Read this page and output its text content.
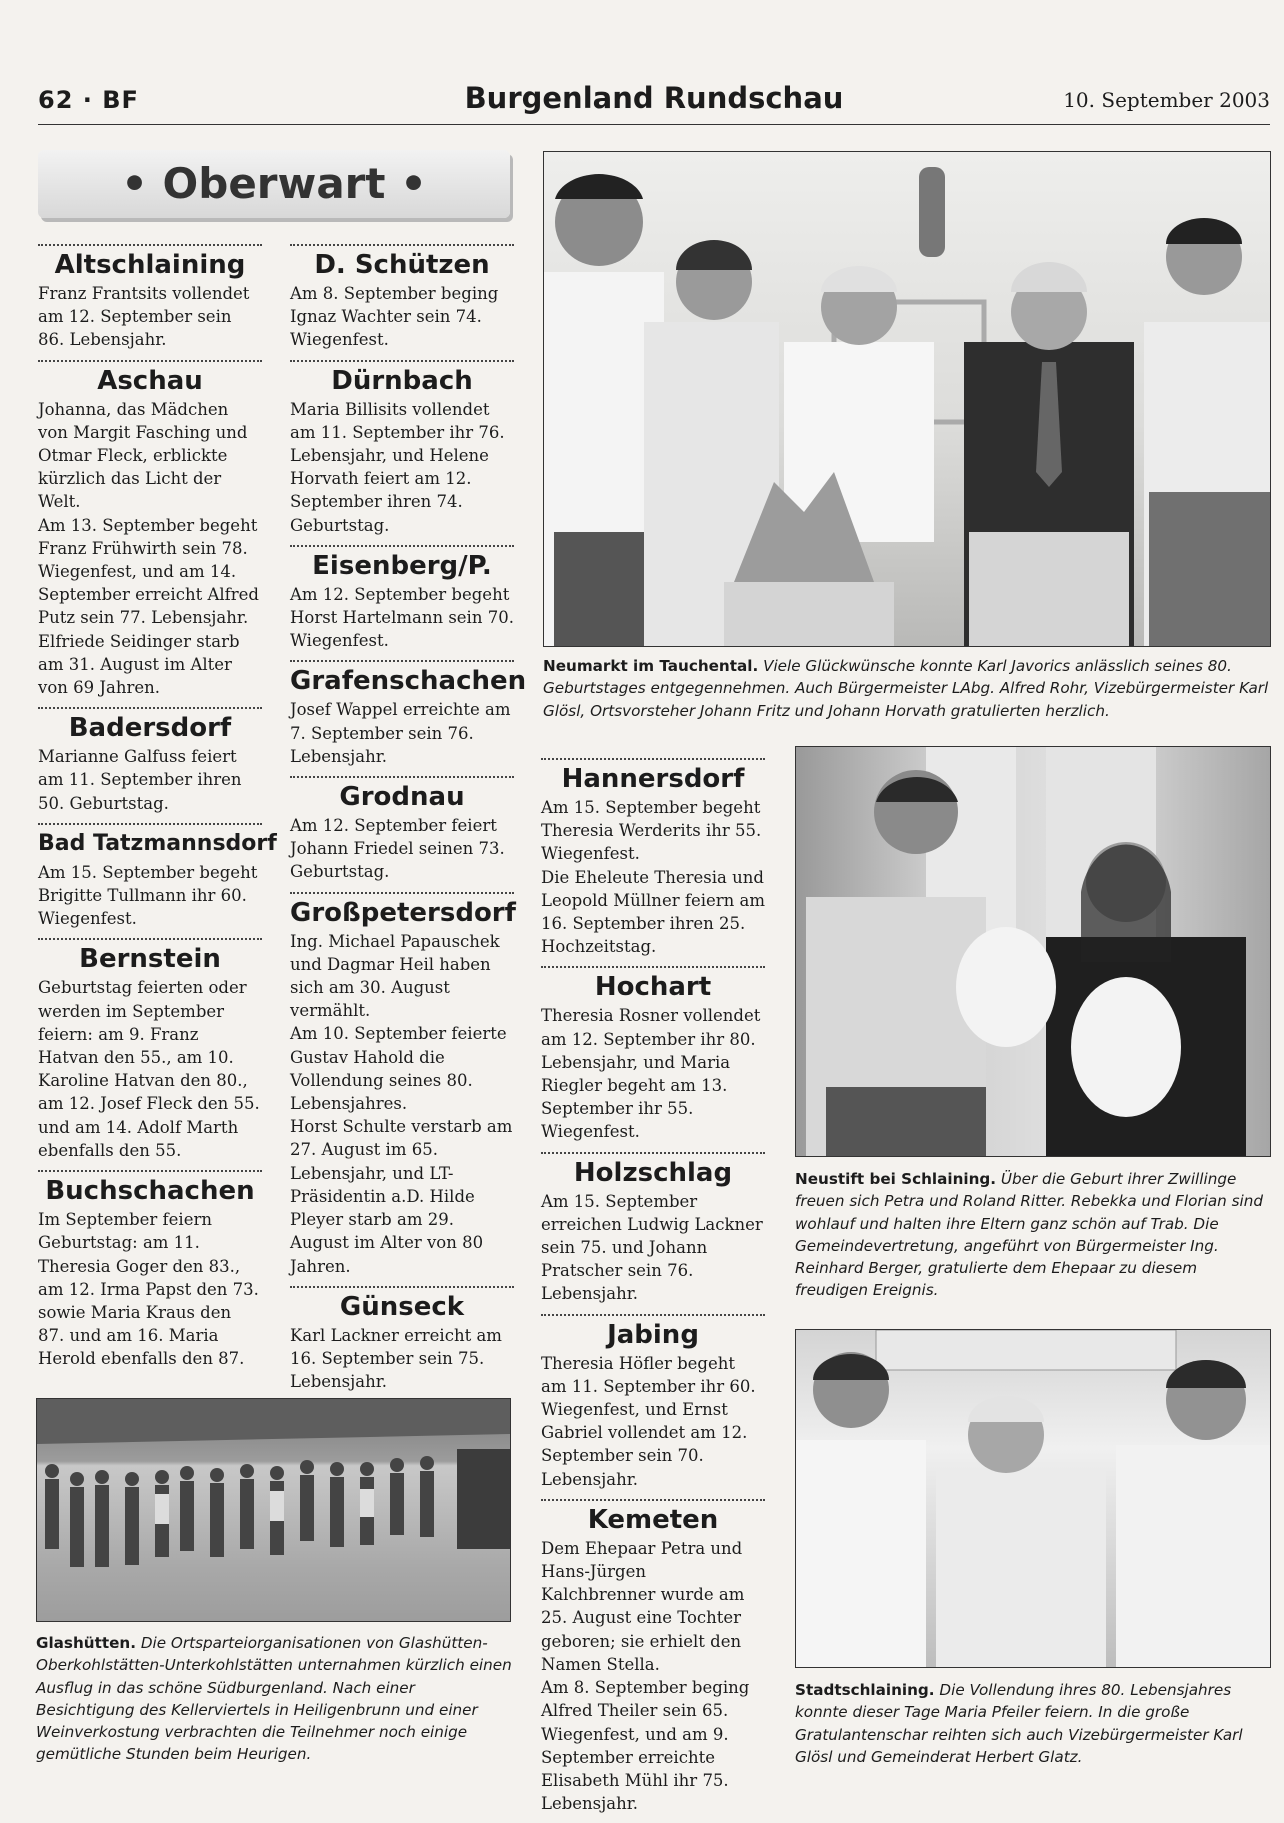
62 · BF	Burgenland Rundschau	10. September 2003
• Oberwart •
Altschlaining

Franz Frantsits vollendet am 12. September sein 86. Lebensjahr.

Aschau

Johanna, das Mädchen von Margit Fasching und Otmar Fleck, erblickte kürzlich das Licht der Welt.

Am 13. September begeht Franz Frühwirth sein 78. Wiegenfest, und am 14. September erreicht Alfred Putz sein 77. Lebensjahr. Elfriede Seidinger starb am 31. August im Alter von 69 Jahren.

Badersdorf

Marianne Galfuss feiert am 11. September ihren 50. Geburtstag.

Bad Tatzmannsdorf

Am 15. September begeht Brigitte Tullmann ihr 60. Wiegenfest.

Bernstein

Geburtstag feierten oder werden im September feiern: am 9. Franz Hatvan den 55., am 10. Karoline Hatvan den 80., am 12. Josef Fleck den 55. und am 14. Adolf Marth ebenfalls den 55.

Buchschachen

Im September feiern Geburtstag: am 11. Theresia Goger den 83., am 12. Irma Papst den 73. sowie Maria Kraus den 87. und am 16. Maria Herold ebenfalls den 87.

D. Schützen

Am 8. September beging Ignaz Wachter sein 74. Wiegenfest.

Dürnbach

Maria Billisits vollendet am 11. September ihr 76. Lebensjahr, und Helene Horvath feiert am 12. September ihren 74. Geburtstag.

Eisenberg/P.

Am 12. September begeht Horst Hartelmann sein 70. Wiegenfest.

Grafenschachen

Josef Wappel erreichte am 7. September sein 76. Lebensjahr.

Grodnau

Am 12. September feiert Johann Friedel seinen 73. Geburtstag.

Großpetersdorf

Ing. Michael Papauschek und Dagmar Heil haben sich am 30. August vermählt.

Am 10. September feierte Gustav Hahold die Vollendung seines 80. Lebensjahres.

Horst Schulte verstarb am 27. August im 65. Lebensjahr, und LT-Präsidentin a.D. Hilde Pleyer starb am 29. August im Alter von 80 Jahren.

Günseck

Karl Lackner erreicht am 16. September sein 75. Lebensjahr.

Hannersdorf

Am 15. September begeht Theresia Werderits ihr 55. Wiegenfest.

Die Eheleute Theresia und Leopold Müllner feiern am 16. September ihren 25. Hochzeitstag.

Hochart

Theresia Rosner vollendet am 12. September ihr 80. Lebensjahr, und Maria Riegler begeht am 13. September ihr 55. Wiegenfest.

Holzschlag

Am 15. September erreichen Ludwig Lackner sein 75. und Johann Pratscher sein 76. Lebensjahr.

Jabing

Theresia Höfler begeht am 11. September ihr 60. Wiegenfest, und Ernst Gabriel vollendet am 12. September sein 70. Lebensjahr.

Kemeten

Dem Ehepaar Petra und Hans-Jürgen Kalchbrenner wurde am 25. August eine Tochter geboren; sie erhielt den Namen Stella.

Am 8. September beging Alfred Theiler sein 65. Wiegenfest, und am 9. September erreichte Elisabeth Mühl ihr 75. Lebensjahr.

Neumarkt im Tauchental. Viele Glückwünsche konnte Karl Javorics anlässlich seines 80. Geburtstages entgegennehmen. Auch Bürgermeister LAbg. Alfred Rohr, Vizebürgermeister Karl Glösl, Ortsvorsteher Johann Fritz und Johann Horvath gratulierten herzlich.
Neustift bei Schlaining. Über die Geburt ihrer Zwillinge freuen sich Petra und Roland Ritter. Rebekka und Florian sind wohlauf und halten ihre Eltern ganz schön auf Trab. Die Gemeindevertretung, angeführt von Bürgermeister Ing. Reinhard Berger, gratulierte dem Ehepaar zu diesem freudigen Ereignis.
Stadtschlaining. Die Vollendung ihres 80. Lebensjahres konnte dieser Tage Maria Pfeiler feiern. In die große Gratulantenschar reihten sich auch Vizebürgermeister Karl Glösl und Gemeinderat Herbert Glatz.
Glashütten. Die Ortsparteiorganisationen von Glashütten-Oberkohlstätten-Unterkohlstätten unternahmen kürzlich einen Ausflug in das schöne Südburgenland. Nach einer Besichtigung des Kellerviertels in Heiligenbrunn und einer Weinverkostung verbrachten die Teilnehmer noch einige gemütliche Stunden beim Heurigen.
